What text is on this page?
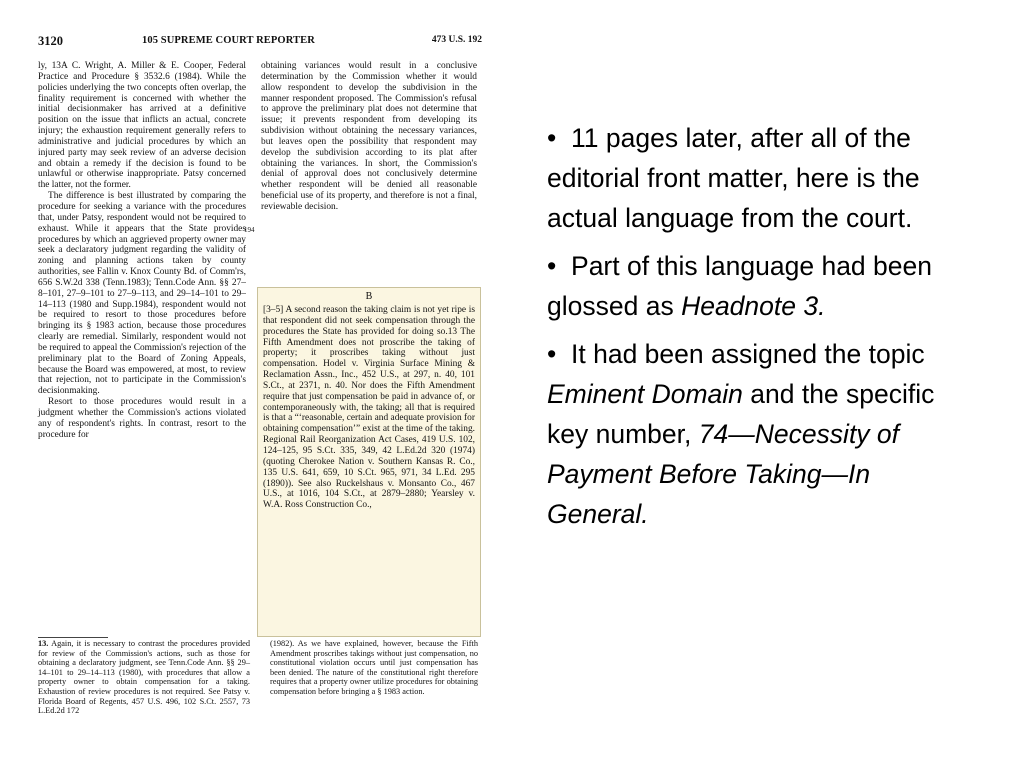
3120	105 SUPREME COURT REPORTER	473 U.S. 192

ly, 13A C. Wright, A. Miller & E. Cooper, Federal Practice and Procedure § 3532.6 (1984). While the policies underlying the two concepts often overlap, the finality requirement is concerned with whether the initial decisionmaker has arrived at a definitive position on the issue that inflicts an actual, concrete injury; the exhaustion requirement generally refers to administrative and judicial procedures by which an injured party may seek review of an adverse decision and obtain a remedy if the decision is found to be unlawful or otherwise inappropriate. Patsy concerned the latter, not the former.

The difference is best illustrated by comparing the procedure for seeking a variance with the procedures that, under Patsy, respondent would not be required to exhaust. While it appears that the State provides procedures by which an aggrieved property owner may seek a declaratory judgment regarding the validity of zoning and planning actions taken by county authorities, see Fallin v. Knox County Bd. of Comm'rs, 656 S.W.2d 338 (Tenn.1983); Tenn.Code Ann. §§ 27–8–101, 27–9–101 to 27–9–113, and 29–14–101 to 29–14–113 (1980 and Supp.1984), respondent would not be required to resort to those procedures before bringing its § 1983 action, because those procedures clearly are remedial. Similarly, respondent would not be required to appeal the Commission's rejection of the preliminary plat to the Board of Zoning Appeals, because the Board was empowered, at most, to review that rejection, not to participate in the Commission's decisionmaking.

Resort to those procedures would result in a judgment whether the Commission's actions violated any of respondent's rights. In contrast, resort to the procedure for

obtaining variances would result in a conclusive determination by the Commission whether it would allow respondent to develop the subdivision in the manner respondent proposed. The Commission's refusal to approve the preliminary plat does not determine that issue; it prevents respondent from developing its subdivision without obtaining the necessary variances, but leaves open the possibility that respondent may develop the subdivision according to its plat after obtaining the variances. In short, the Commission's denial of approval does not conclusively determine whether respondent will be denied all reasonable beneficial use of its property, and therefore is not a final, reviewable decision.

194
B

[3–5] A second reason the taking claim is not yet ripe is that respondent did not seek compensation through the procedures the State has provided for doing so.13 The Fifth Amendment does not proscribe the taking of property; it proscribes taking without just compensation. Hodel v. Virginia Surface Mining & Reclamation Assn., Inc., 452 U.S., at 297, n. 40, 101 S.Ct., at 2371, n. 40. Nor does the Fifth Amendment require that just compensation be paid in advance of, or contemporaneously with, the taking; all that is required is that a “‘reasonable, certain and adequate provision for obtaining compensation’” exist at the time of the taking. Regional Rail Reorganization Act Cases, 419 U.S. 102, 124–125, 95 S.Ct. 335, 349, 42 L.Ed.2d 320 (1974) (quoting Cherokee Nation v. Southern Kansas R. Co., 135 U.S. 641, 659, 10 S.Ct. 965, 971, 34 L.Ed. 295 (1890)). See also Ruckelshaus v. Monsanto Co., 467 U.S., at 1016, 104 S.Ct., at 2879–2880; Yearsley v. W.A. Ross Construction Co.,

13. Again, it is necessary to contrast the procedures provided for review of the Commission's actions, such as those for obtaining a declaratory judgment, see Tenn.Code Ann. §§ 29–14–101 to 29–14–113 (1980), with procedures that allow a property owner to obtain compensation for a taking. Exhaustion of review procedures is not required. See Patsy v. Florida Board of Regents, 457 U.S. 496, 102 S.Ct. 2557, 73 L.Ed.2d 172
(1982). As we have explained, however, because the Fifth Amendment proscribes takings without just compensation, no constitutional violation occurs until just compensation has been denied. The nature of the constitutional right therefore requires that a property owner utilize procedures for obtaining compensation before bringing a § 1983 action.
•  11 pages later, after all of the editorial front matter, here is the actual language from the court.
•  Part of this language had been glossed as Headnote 3.
•  It had been assigned the topic Eminent Domain and the specific key number, 74—Necessity of Payment Before Taking—In General.
